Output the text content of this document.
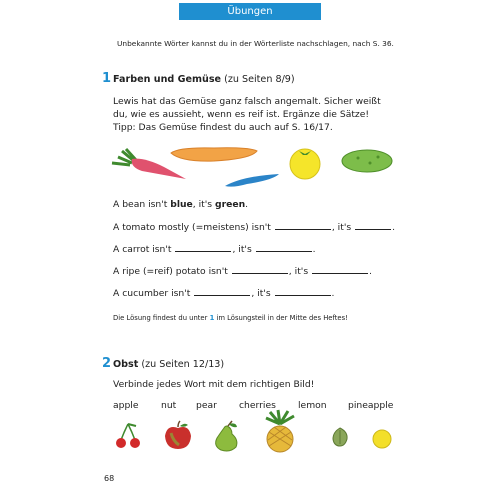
Übungen
Unbekannte Wörter kannst du in der Wörterliste nachschlagen, nach S. 36.
1 Farben und Gemüse (zu Seiten 8/9)
Lewis hat das Gemüse ganz falsch angemalt. Sicher weißt
du, wie es aussieht, wenn es reif ist. Ergänze die Sätze!
Tipp: Das Gemüse findest du auch auf S. 16/17.
A bean isn't blue, it's green.
A tomato mostly (=meistens) isn't	, it's	.
A carrot isn't	, it's	.
A ripe (=reif) potato isn't	, it's	.
A cucumber isn't	, it's	.
Die Lösung findest du unter 1 im Lösungsteil in der Mitte des Heftes!
2 Obst (zu Seiten 12/13)
Verbinde jedes Wort mit dem richtigen Bild!
apple nut pear cherries lemon pineapple
68
